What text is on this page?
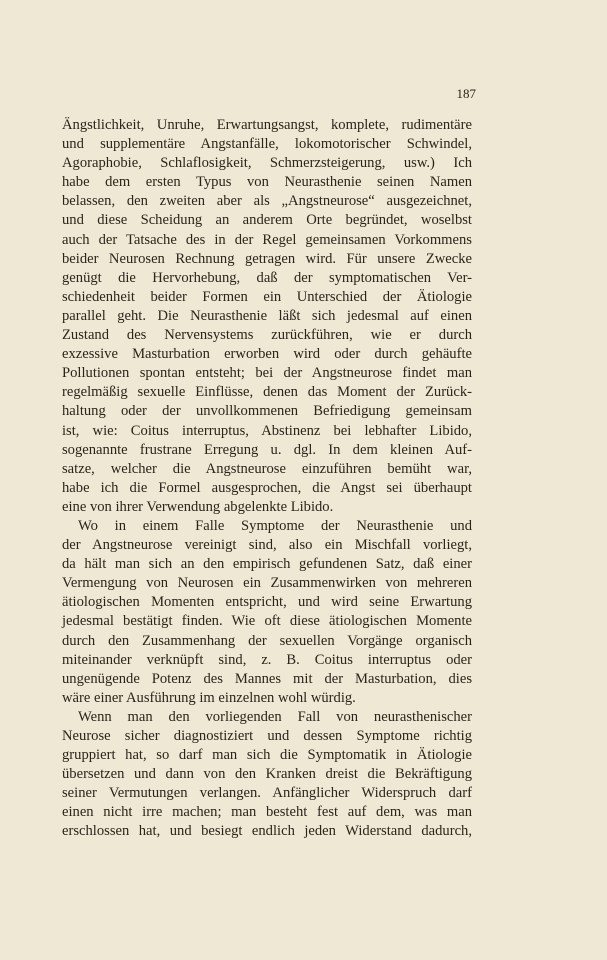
187
Ängstlichkeit, Unruhe, Erwartungsangst, komplete, rudimentäre
und supplementäre Angstanfälle, lokomotorischer Schwindel,
Agoraphobie, Schlaflosigkeit, Schmerzsteigerung, usw.) Ich
habe dem ersten Typus von Neurasthenie seinen Namen
belassen, den zweiten aber als „Angstneurose“ ausgezeichnet,
und diese Scheidung an anderem Orte begründet, woselbst
auch der Tatsache des in der Regel gemeinsamen Vorkommens
beider Neurosen Rechnung getragen wird. Für unsere Zwecke
genügt die Hervorhebung, daß der symptomatischen Ver-
schiedenheit beider Formen ein Unterschied der Ätiologie
parallel geht. Die Neurasthenie läßt sich jedesmal auf einen
Zustand des Nervensystems zurückführen, wie er durch
exzessive Masturbation erworben wird oder durch gehäufte
Pollutionen spontan entsteht; bei der Angstneurose findet man
regelmäßig sexuelle Einflüsse, denen das Moment der Zurück-
haltung oder der unvollkommenen Befriedigung gemeinsam
ist, wie: Coitus interruptus, Abstinenz bei lebhafter Libido,
sogenannte frustrane Erregung u. dgl. In dem kleinen Auf-
satze, welcher die Angstneurose einzuführen bemüht war,
habe ich die Formel ausgesprochen, die Angst sei überhaupt
eine von ihrer Verwendung abgelenkte Libido.
Wo in einem Falle Symptome der Neurasthenie und
der Angstneurose vereinigt sind, also ein Mischfall vorliegt,
da hält man sich an den empirisch gefundenen Satz, daß einer
Vermengung von Neurosen ein Zusammenwirken von mehreren
ätiologischen Momenten entspricht, und wird seine Erwartung
jedesmal bestätigt finden. Wie oft diese ätiologischen Momente
durch den Zusammenhang der sexuellen Vorgänge organisch
miteinander verknüpft sind, z. B. Coitus interruptus oder
ungenügende Potenz des Mannes mit der Masturbation, dies
wäre einer Ausführung im einzelnen wohl würdig.
Wenn man den vorliegenden Fall von neurasthenischer
Neurose sicher diagnostiziert und dessen Symptome richtig
gruppiert hat, so darf man sich die Symptomatik in Ätiologie
übersetzen und dann von den Kranken dreist die Bekräftigung
seiner Vermutungen verlangen. Anfänglicher Widerspruch darf
einen nicht irre machen; man besteht fest auf dem, was man
erschlossen hat, und besiegt endlich jeden Widerstand dadurch,
